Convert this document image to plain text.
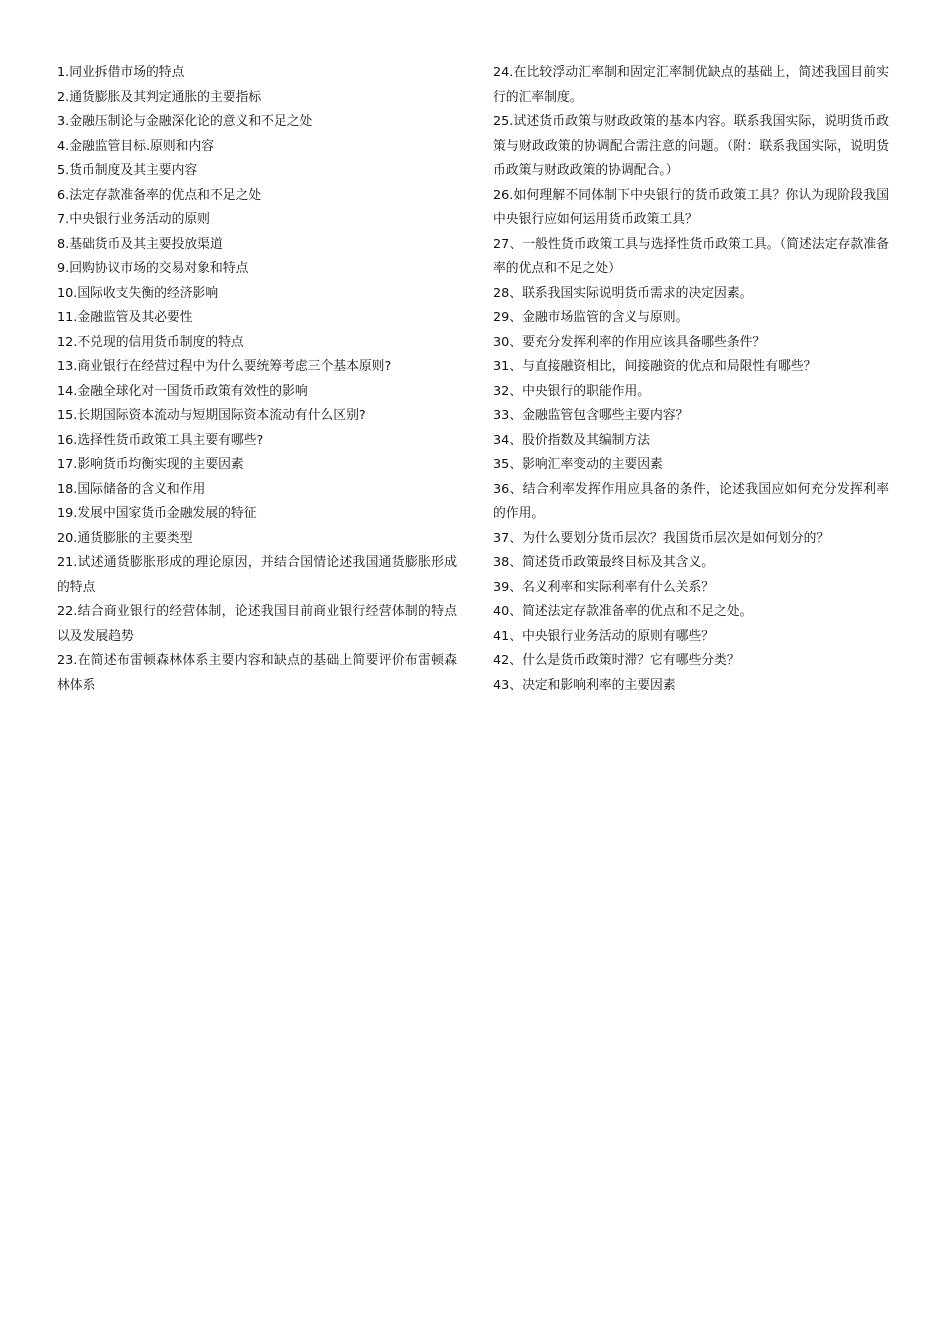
1.同业拆借市场的特点
2.通货膨胀及其判定通胀的主要指标
3.金融压制论与金融深化论的意义和不足之处
4.金融监管目标.原则和内容
5.货币制度及其主要内容
6.法定存款准备率的优点和不足之处
7.中央银行业务活动的原则
8.基础货币及其主要投放渠道
9.回购协议市场的交易对象和特点
10.国际收支失衡的经济影响
11.金融监管及其必要性
12.不兑现的信用货币制度的特点
13.商业银行在经营过程中为什么要统筹考虑三个基本原则?
14.金融全球化对一国货币政策有效性的影响
15.长期国际资本流动与短期国际资本流动有什么区别?
16.选择性货币政策工具主要有哪些?
17.影响货币均衡实现的主要因素
18.国际储备的含义和作用
19.发展中国家货币金融发展的特征
20.通货膨胀的主要类型
21.试述通货膨胀形成的理论原因，并结合国情论述我国通货膨胀形成的特点
22.结合商业银行的经营体制，论述我国目前商业银行经营体制的特点以及发展趋势
23.在简述布雷顿森林体系主要内容和缺点的基础上简要评价布雷顿森林体系
24.在比较浮动汇率制和固定汇率制优缺点的基础上，简述我国目前实行的汇率制度。
25.试述货币政策与财政政策的基本内容。联系我国实际，说明货币政策与财政政策的协调配合需注意的问题。（附：联系我国实际，说明货币政策与财政政策的协调配合。）
26.如何理解不同体制下中央银行的货币政策工具？你认为现阶段我国中央银行应如何运用货币政策工具？
27、一般性货币政策工具与选择性货币政策工具。（简述法定存款准备率的优点和不足之处）
28、联系我国实际说明货币需求的决定因素。
29、金融市场监管的含义与原则。
30、要充分发挥利率的作用应该具备哪些条件？
31、与直接融资相比，间接融资的优点和局限性有哪些？
32、中央银行的职能作用。
33、金融监管包含哪些主要内容？
34、股价指数及其编制方法
35、影响汇率变动的主要因素
36、结合利率发挥作用应具备的条件，论述我国应如何充分发挥利率的作用。
37、为什么要划分货币层次？我国货币层次是如何划分的？
38、简述货币政策最终目标及其含义。
39、名义利率和实际利率有什么关系？
40、简述法定存款准备率的优点和不足之处。
41、中央银行业务活动的原则有哪些？
42、什么是货币政策时滞？它有哪些分类？
43、决定和影响利率的主要因素
